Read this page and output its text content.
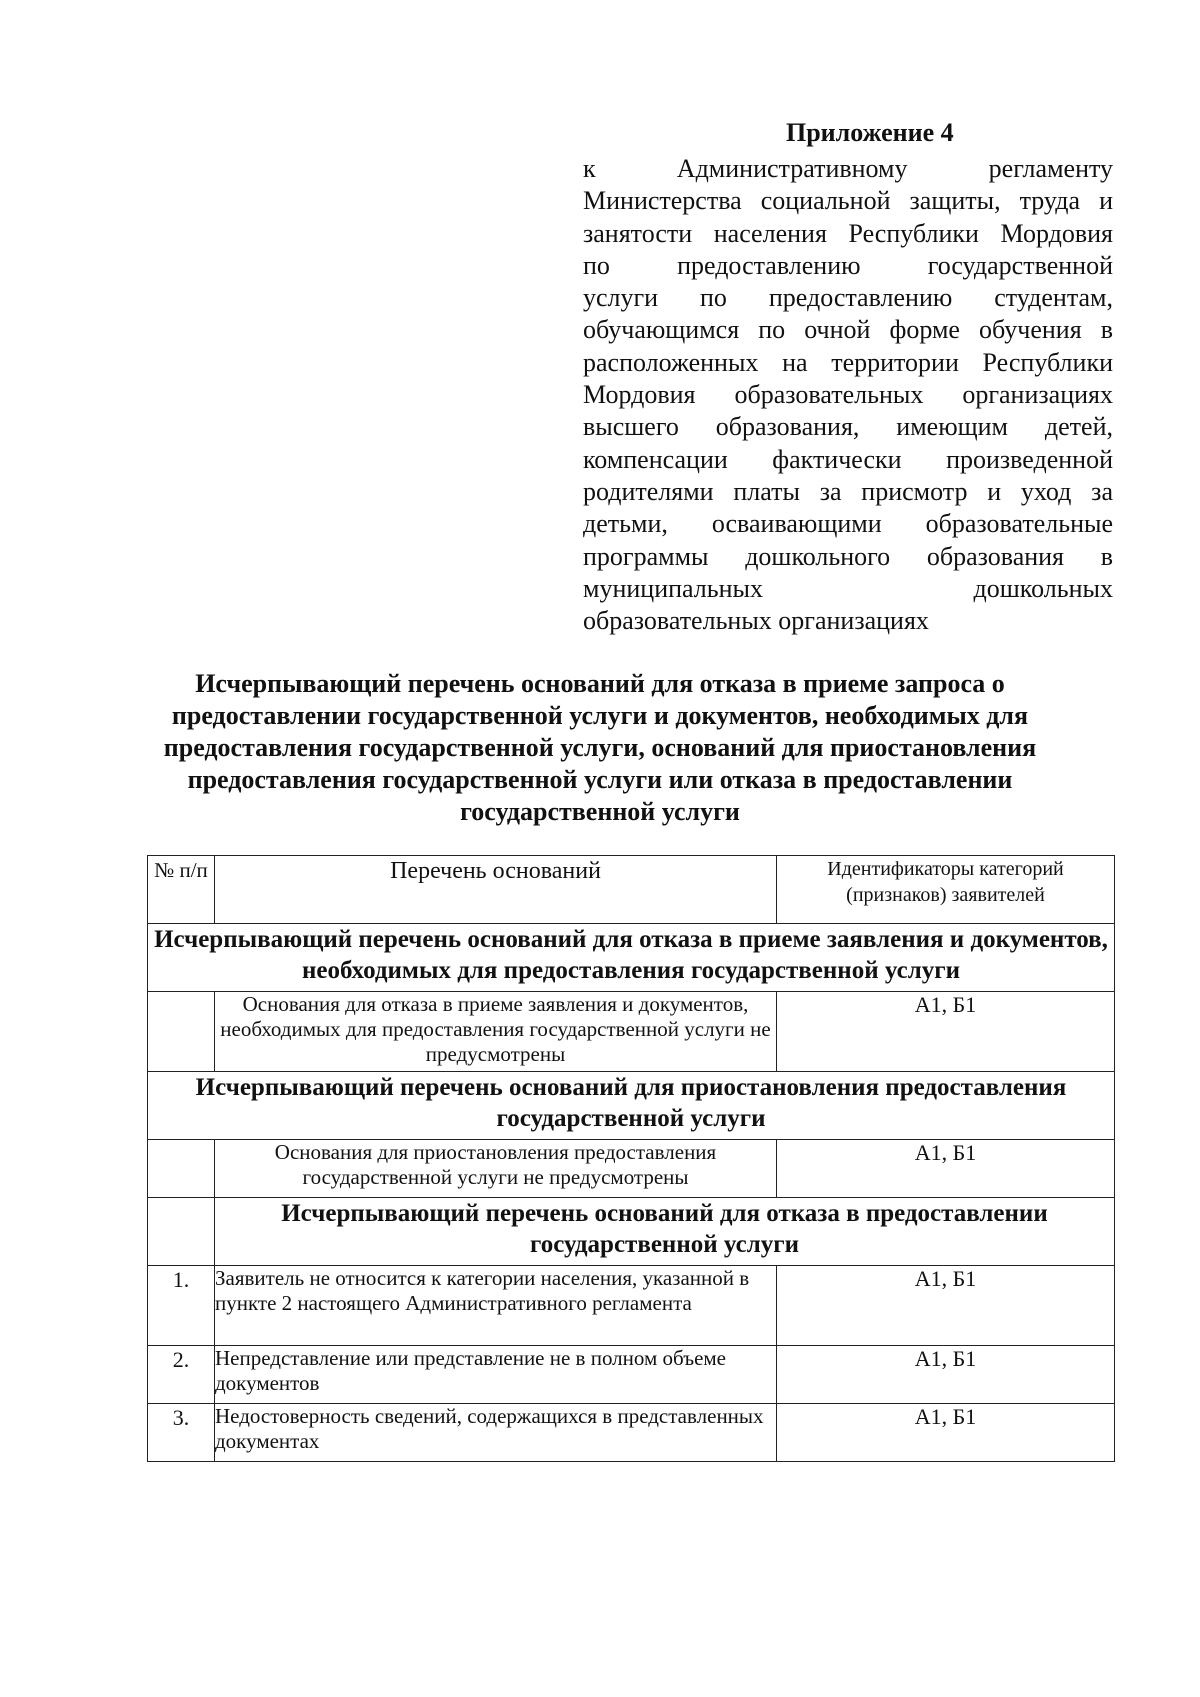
Приложение 4
к Административному регламенту
Министерства социальной защиты, труда и
занятости населения Республики Мордовия
по предоставлению государственной
услуги по предоставлению студентам,
обучающимся по очной форме обучения в
расположенных на территории Республики
Мордовия образовательных организациях
высшего образования, имеющим детей,
компенсации фактически произведенной
родителями платы за присмотр и уход за
детьми, осваивающими образовательные
программы дошкольного образования в
муниципальных дошкольных
образовательных организациях
Исчерпывающий перечень оснований для отказа в приеме запроса о предоставлении государственной услуги и документов, необходимых для предоставления государственной услуги, оснований для приостановления предоставления государственной услуги или отказа в предоставлении государственной услуги
№ п/п	Перечень оснований	Идентификаторы категорий (признаков) заявителей
Исчерпывающий перечень оснований для отказа в приеме заявления и документов, необходимых для предоставления государственной услуги		
	Основания для отказа в приеме заявления и документов, необходимых для предоставления государственной услуги не предусмотрены	А1, Б1
Исчерпывающий перечень оснований для приостановления предоставления государственной услуги		
	Основания для приостановления предоставления государственной услуги не предусмотрены	А1, Б1
	Исчерпывающий перечень оснований для отказа в предоставлении государственной услуги	
1.	Заявитель не относится к категории населения, указанной в пункте 2 настоящего Административного регламента	А1, Б1
2.	Непредставление или представление не в полном объеме документов	А1, Б1
3.	Недостоверность сведений, содержащихся в представленных документах	А1, Б1
